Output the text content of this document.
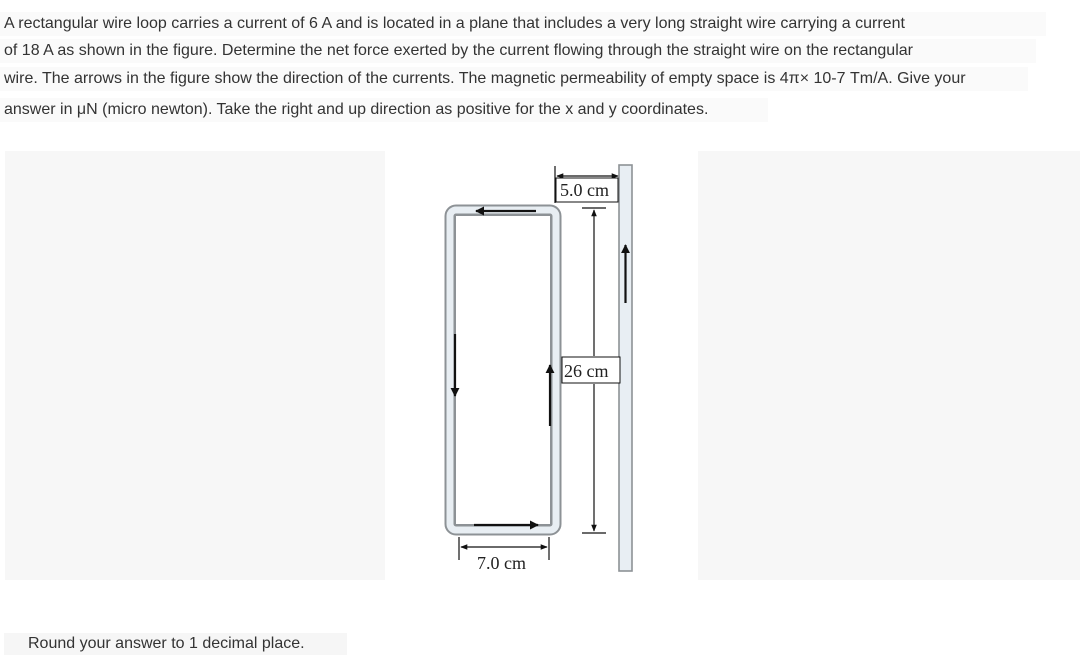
A rectangular wire loop carries a current of 6 A and is located in a plane that includes a very long straight wire carrying a current
of 18 A as shown in the figure. Determine the net force exerted by the current flowing through the straight wire on the rectangular
wire. The arrows in the figure show the direction of the currents. The magnetic permeability of empty space is 4π× 10-7 Tm/A. Give your
answer in μN (micro newton). Take the right and up direction as positive for the x and y coordinates.
5.0 cm
26 cm
7.0 cm
Round your answer to 1 decimal place.
